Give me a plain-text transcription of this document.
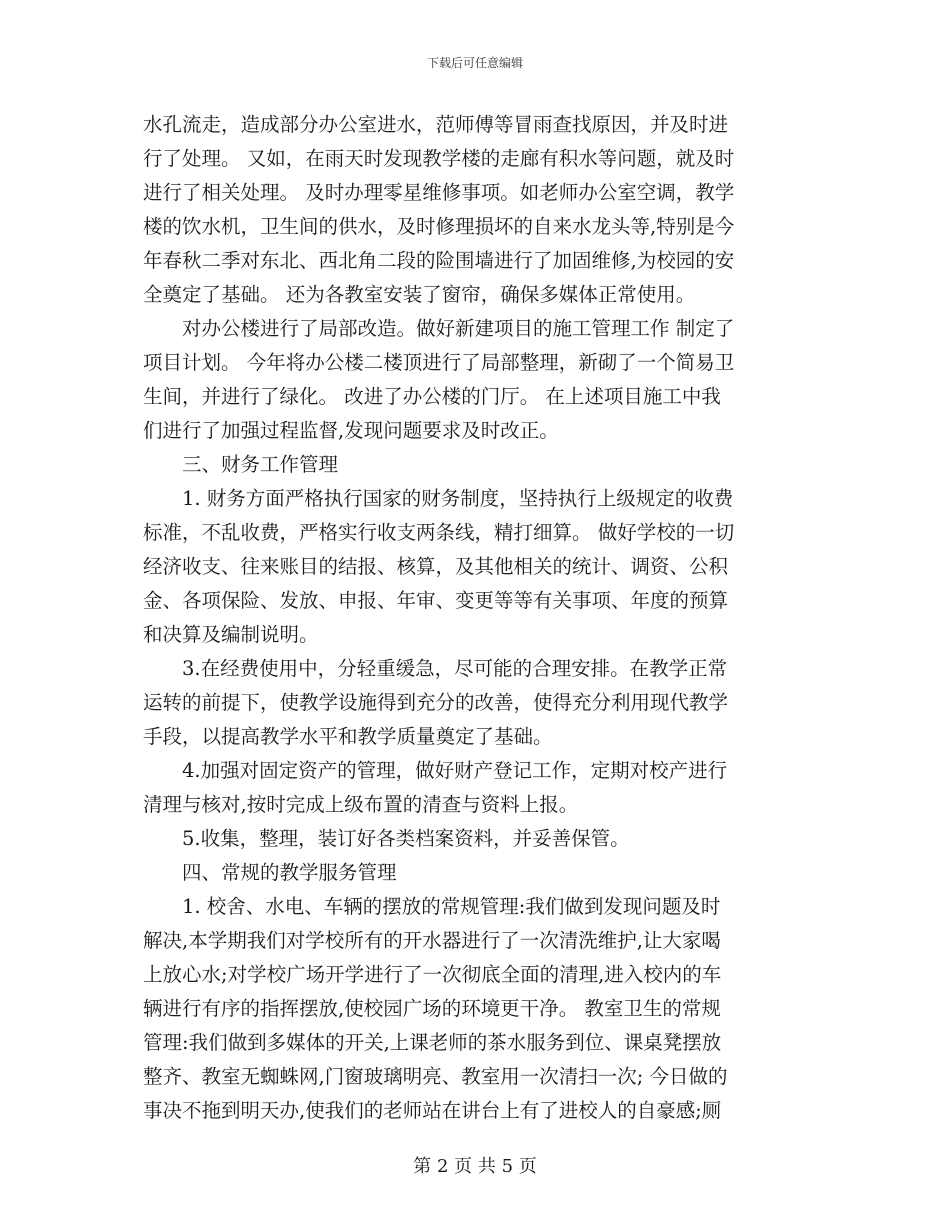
下载后可任意编辑
水孔流走，造成部分办公室进水，范师傅等冒雨查找原因，并及时进
行了处理。 又如，在雨天时发现教学楼的走廊有积水等问题，就及时
进行了相关处理。 及时办理零星维修事项。如老师办公室空调，教学
楼的饮水机，卫生间的供水，及时修理损坏的自来水龙头等,特别是今
年春秋二季对东北、西北角二段的险围墙进行了加固维修,为校园的安
全奠定了基础。 还为各教室安装了窗帘，确保多媒体正常使用。
　　对办公楼进行了局部改造。做好新建项目的施工管理工作 制定了
项目计划。 今年将办公楼二楼顶进行了局部整理，新砌了一个简易卫
生间，并进行了绿化。 改进了办公楼的门厅。 在上述项目施工中我
们进行了加强过程监督,发现问题要求及时改正。
　　三、财务工作管理
　　1. 财务方面严格执行国家的财务制度，坚持执行上级规定的收费
标准，不乱收费，严格实行收支两条线，精打细算。 做好学校的一切
经济收支、往来账目的结报、核算，及其他相关的统计、调资、公积
金、各项保险、发放、申报、年审、变更等等有关事项、年度的预算
和决算及编制说明。
　　3.在经费使用中，分轻重缓急，尽可能的合理安排。在教学正常
运转的前提下，使教学设施得到充分的改善，使得充分利用现代教学
手段，以提高教学水平和教学质量奠定了基础。
　　4.加强对固定资产的管理，做好财产登记工作，定期对校产进行
清理与核对,按时完成上级布置的清查与资料上报。
　　5.收集，整理，装订好各类档案资料，并妥善保管。
　　四、常规的教学服务管理
　　1. 校舍、水电、车辆的摆放的常规管理:我们做到发现问题及时
解决,本学期我们对学校所有的开水器进行了一次清洗维护,让大家喝
上放心水;对学校广场开学进行了一次彻底全面的清理,进入校内的车
辆进行有序的指挥摆放,使校园广场的环境更干净。 教室卫生的常规
管理:我们做到多媒体的开关,上课老师的茶水服务到位、课桌凳摆放
整齐、教室无蜘蛛网,门窗玻璃明亮、教室用一次清扫一次; 今日做的
事决不拖到明天办,使我们的老师站在讲台上有了进校人的自豪感;厕
第 2 页 共 5 页
